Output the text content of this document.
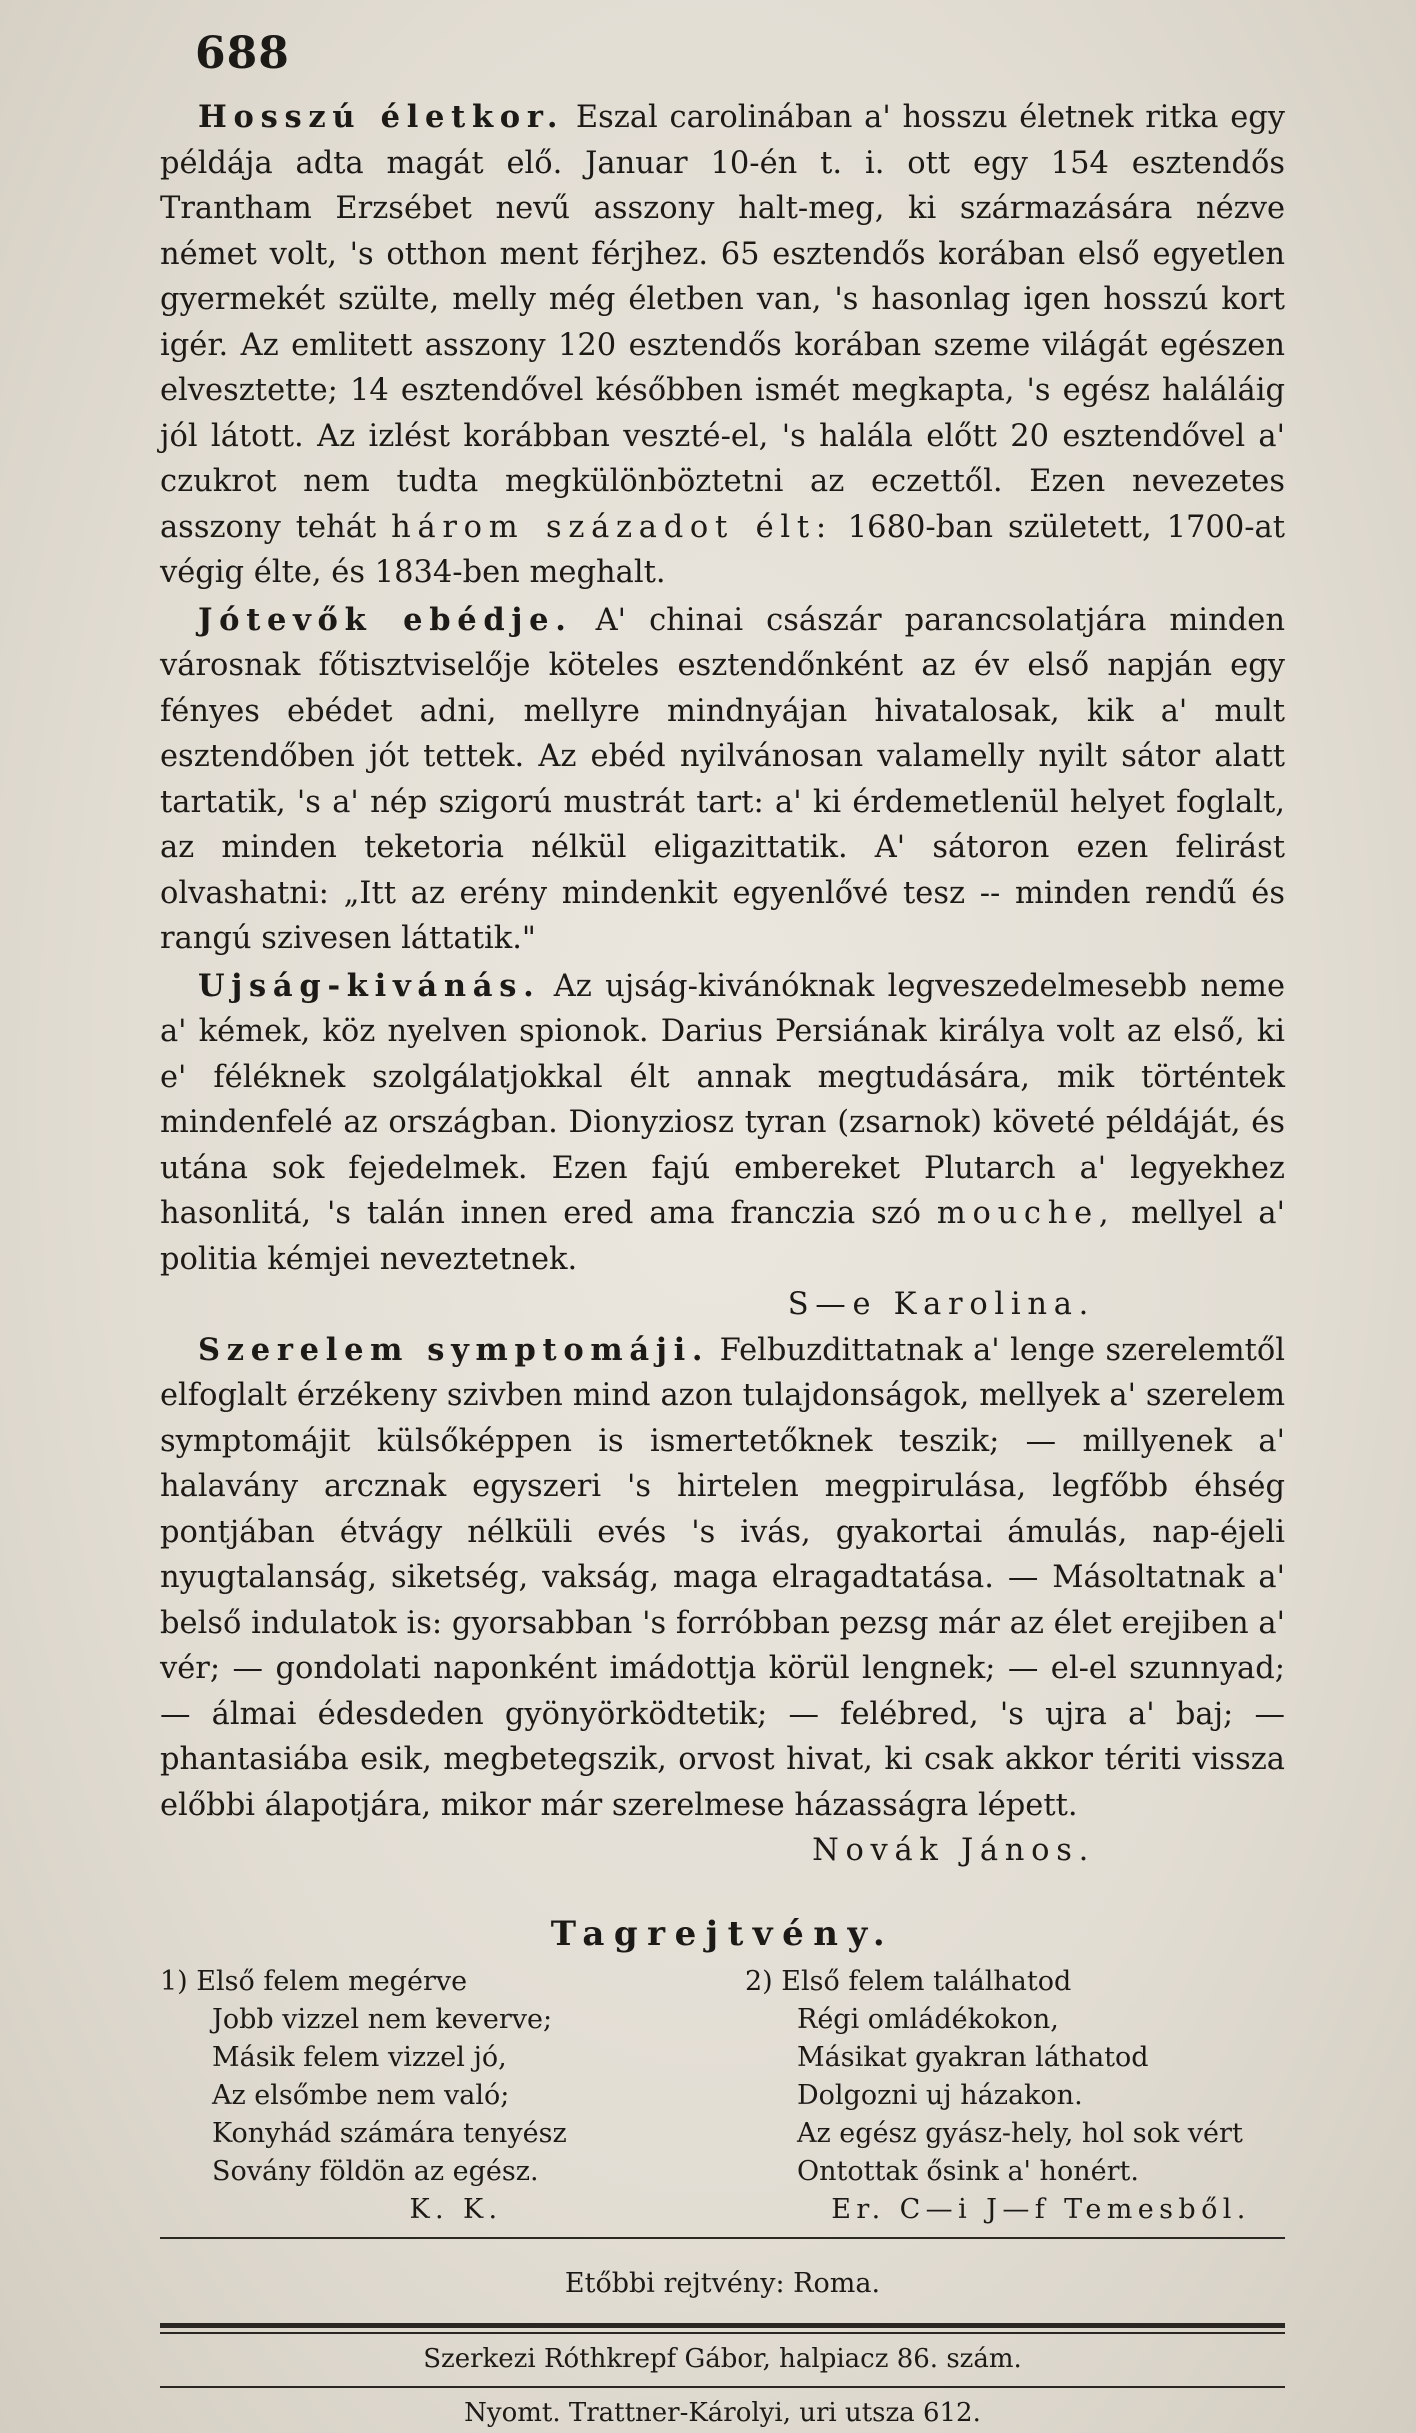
688

Hosszú életkor. Eszal carolinában a' hosszu életnek ritka egy példája adta magát elő. Januar 10-én t. i. ott egy 154 esztendős Trantham Erzsébet nevű asszony halt-meg, ki származására nézve német volt, 's otthon ment férjhez. 65 esztendős korában első egyetlen gyermekét szülte, melly még életben van, 's hasonlag igen hosszú kort igér. Az emlitett asszony 120 esztendős korában szeme világát egészen elvesztette; 14 esztendővel későbben ismét megkapta, 's egész haláláig jól látott. Az izlést korábban veszté-el, 's halála előtt 20 esztendővel a' czukrot nem tudta megkülönböztetni az eczettől. Ezen nevezetes asszony tehát három századot élt: 1680-ban született, 1700-at végig élte, és 1834-ben meghalt.

Jótevők ebédje. A' chinai császár parancsolatjára minden városnak főtisztviselője köteles esztendőnként az év első napján egy fényes ebédet adni, mellyre mindnyájan hivatalosak, kik a' mult esztendőben jót tettek. Az ebéd nyilvánosan valamelly nyilt sátor alatt tartatik, 's a' nép szigorú mustrát tart: a' ki érdemetlenül helyet foglalt, az minden teketoria nélkül eligazittatik. A' sátoron ezen felirást olvashatni: „Itt az erény mindenkit egyenlővé tesz -- minden rendű és rangú szivesen láttatik."

Ujság-kivánás. Az ujság-kivánóknak legveszedelmesebb neme a' kémek, köz nyelven spionok. Darius Persiának királya volt az első, ki e' féléknek szolgálatjokkal élt annak megtudására, mik történtek mindenfelé az országban. Dionyziosz tyran (zsarnok) követé példáját, és utána sok fejedelmek. Ezen fajú embereket Plutarch a' legyekhez hasonlitá, 's talán innen ered ama franczia szó mouche, mellyel a' politia kémjei neveztetnek.

S—e Karolina.

Szerelem symptomáji. Felbuzdittatnak a' lenge szerelemtől elfoglalt érzékeny szivben mind azon tulajdonságok, mellyek a' szerelem symptomájit külsőképpen is ismertetőknek teszik; — millyenek a' halavány arcznak egyszeri 's hirtelen megpirulása, legfőbb éhség pontjában étvágy nélküli evés 's ivás, gyakortai ámulás, nap-éjeli nyugtalanság, siketség, vakság, maga elragadtatása. — Másoltatnak a' belső indulatok is: gyorsabban 's forróbban pezsg már az élet erejiben a' vér; — gondolati naponként imádottja körül lengnek; — el-el szunnyad; — álmai édesdeden gyönyörködtetik; — felébred, 's ujra a' baj; — phantasiába esik, megbetegszik, orvost hivat, ki csak akkor tériti vissza előbbi álapotjára, mikor már szerelmese házasságra lépett.

Novák János.

Tagrejtvény.
1) Első felem megérve
Jobb vizzel nem keverve;
Másik felem vizzel jó,
Az elsőmbe nem való;
Konyhád számára tenyész
Sovány földön az egész.
K. K.
2) Első felem találhatod
Régi omládékokon,
Másikat gyakran láthatod
Dolgozni uj házakon.
Az egész gyász-hely, hol sok vért
Ontottak ősink a' honért.
Er. C—i J—f Temesből.
Etőbbi rejtvény: Roma.
Szerkezi Róthkrepf Gábor, halpiacz 86. szám.
Nyomt. Trattner-Károlyi, uri utsza 612.
